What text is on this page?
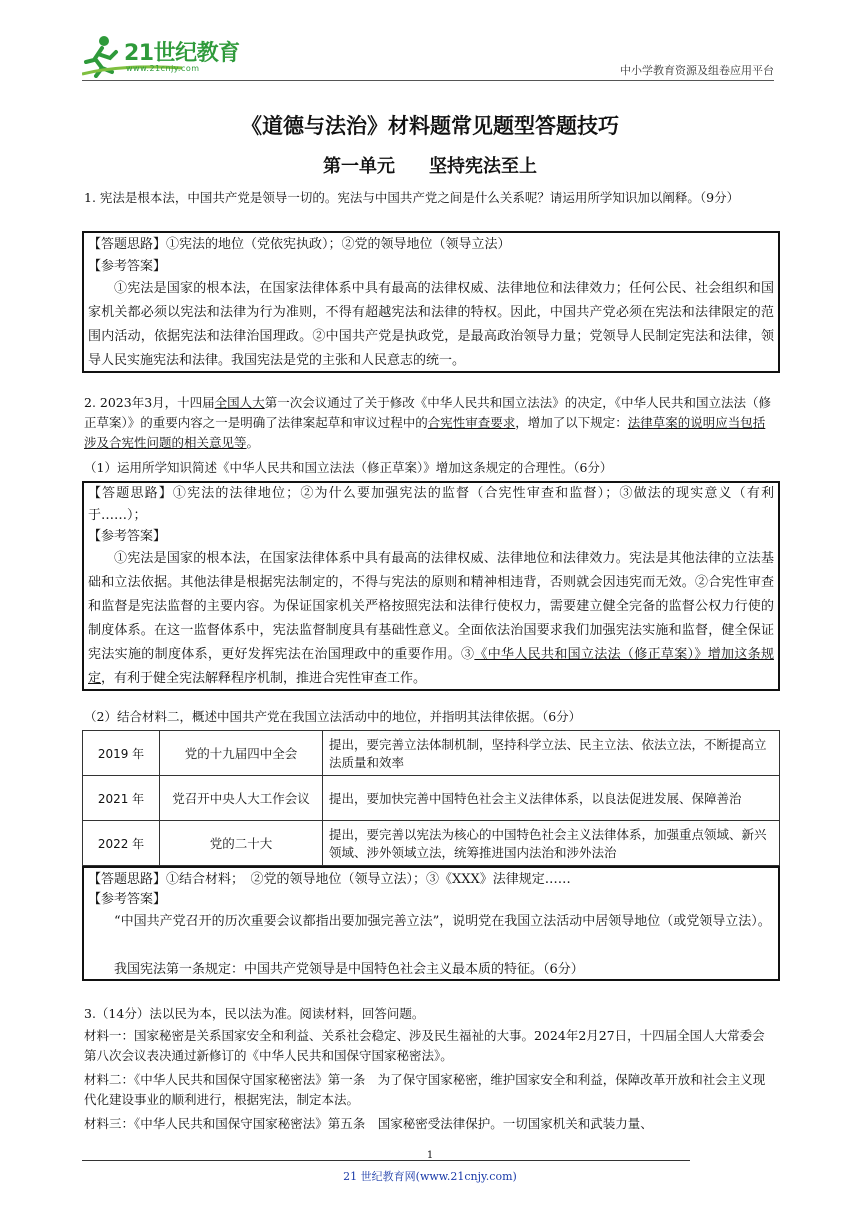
21世纪教育
www.21cnjy.com	中小学教育资源及组卷应用平台
《道德与法治》材料题常见题型答题技巧
第一单元 坚持宪法至上
1. 宪法是根本法，中国共产党是领导一切的。宪法与中国共产党之间是什么关系呢？请运用所学知识加以阐释。（9分）
【答题思路】①宪法的地位（党依宪执政）；②党的领导地位（领导立法）
【参考答案】
①宪法是国家的根本法，在国家法律体系中具有最高的法律权威、法律地位和法律效力；任何公民、社会组织和国家机关都必须以宪法和法律为行为准则，不得有超越宪法和法律的特权。因此，中国共产党必须在宪法和法律限定的范围内活动，依据宪法和法律治国理政。②中国共产党是执政党，是最高政治领导力量；党领导人民制定宪法和法律，领导人民实施宪法和法律。我国宪法是党的主张和人民意志的统一。
2. 2023年3月，十四届全国人大第一次会议通过了关于修改《中华人民共和国立法法》的决定，《中华人民共和国立法法（修正草案）》的重要内容之一是明确了法律案起草和审议过程中的合宪性审查要求，增加了以下规定：法律草案的说明应当包括涉及合宪性问题的相关意见等。
（1）运用所学知识简述《中华人民共和国立法法（修正草案）》增加这条规定的合理性。（6分）
【答题思路】①宪法的法律地位；②为什么要加强宪法的监督（合宪性审查和监督）；③做法的现实意义（有利于……）；
【参考答案】
①宪法是国家的根本法，在国家法律体系中具有最高的法律权威、法律地位和法律效力。宪法是其他法律的立法基础和立法依据。其他法律是根据宪法制定的，不得与宪法的原则和精神相违背，否则就会因违宪而无效。②合宪性审查和监督是宪法监督的主要内容。为保证国家机关严格按照宪法和法律行使权力，需要建立健全完备的监督公权力行使的制度体系。在这一监督体系中，宪法监督制度具有基础性意义。全面依法治国要求我们加强宪法实施和监督，健全保证宪法实施的制度体系，更好发挥宪法在治国理政中的重要作用。③《中华人民共和国立法法（修正草案）》增加这条规定，有利于健全宪法解释程序机制，推进合宪性审查工作。
（2）结合材料二，概述中国共产党在我国立法活动中的地位，并指明其法律依据。（6分）
2019 年	党的十九届四中全会	提出，要完善立法体制机制，坚持科学立法、民主立法、依法立法，不断提高立法质量和效率
2021 年	党召开中央人大工作会议	提出，要加快完善中国特色社会主义法律体系，以良法促进发展、保障善治
2022 年	党的二十大	提出，要完善以宪法为核心的中国特色社会主义法律体系，加强重点领域、新兴领域、涉外领域立法，统筹推进国内法治和涉外法治
【答题思路】①结合材料；　②党的领导地位（领导立法）；③《XXX》法律规定……
【参考答案】
“中国共产党召开的历次重要会议都指出要加强完善立法”，说明党在我国立法活动中居领导地位（或党领导立法）。
我国宪法第一条规定：中国共产党领导是中国特色社会主义最本质的特征。（6分）
3.（14分）法以民为本，民以法为准。阅读材料，回答问题。
材料一：国家秘密是关系国家安全和利益、关系社会稳定、涉及民生福祉的大事。2024年2月27日，十四届全国人大常委会第八次会议表决通过新修订的《中华人民共和国保守国家秘密法》。
材料二：《中华人民共和国保守国家秘密法》第一条　为了保守国家秘密，维护国家安全和利益，保障改革开放和社会主义现代化建设事业的顺利进行，根据宪法，制定本法。
材料三：《中华人民共和国保守国家秘密法》第五条　国家秘密受法律保护。一切国家机关和武装力量、
1
21 世纪教育网(www.21cnjy.com)
